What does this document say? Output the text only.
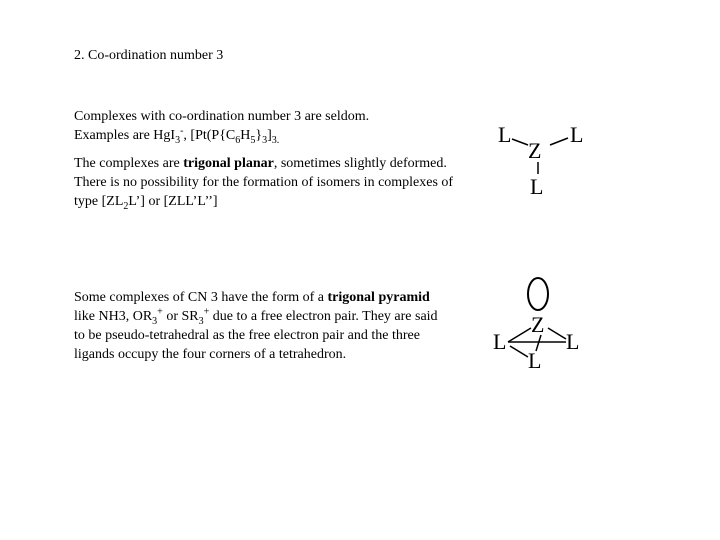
2. Co-ordination number 3
Complexes with co-ordination number 3 are seldom.
Examples are HgI$_3$-, [$Pt(P\{C_6H_5\}_3]_{3.}$
The complexes are trigonal planar, sometimes slightly deformed. There is no possibility for the formation of isomers in complexes of type $[ZL_2L’]$ or [ZLL’L’’]
Some complexes of CN 3 have the form of a trigonal pyramid like NH3, $OR_3^+$ or $SR_3^+$ due to a free electron pair. They are said to be pseudo-tetrahedral as the free electron pair and the three ligands occupy the four corners of a tetrahedron.
L
Z
L
L
Z
L	L
L
